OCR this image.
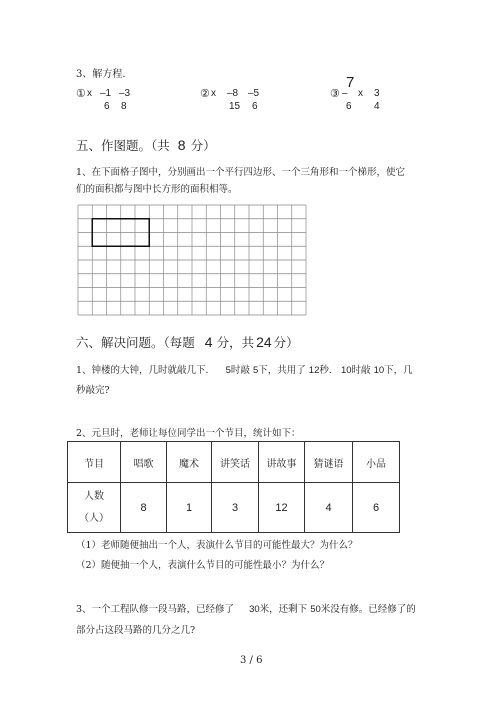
3、解方程.
① x –1 –3
6 8
② x –8 –5
15 6
③
7
– x 3
6 4
五、作图题。（共 8 分）
1、在下面格子图中，分别画出一个平行四边形、一个三角形和一个梯形，使它
们的面积都与图中长方形的面积相等。
六、解决问题。（每题 4 分，共 24 分）
1、钟楼的大钟，几时就敲几下. 5时敲 5下，共用了 12秒. 10时敲 10下，几
秒敲完?
2、元旦时，老师让每位同学出一个节目，统计如下：
节目	唱歌	魔术	讲笑话	讲故事	猜谜语	小品

人数
（人）	8	1	3	12	4	6
（1）老师随便抽出一个人，表演什么节目的可能性最大？为什么？
（2）随便抽一个人，表演什么节目的可能性最小？为什么？
3、一个工程队修一段马路，已经修了 30米，还剩下 50米没有修。已经修了的
部分占这段马路的几分之几?
3 / 6
